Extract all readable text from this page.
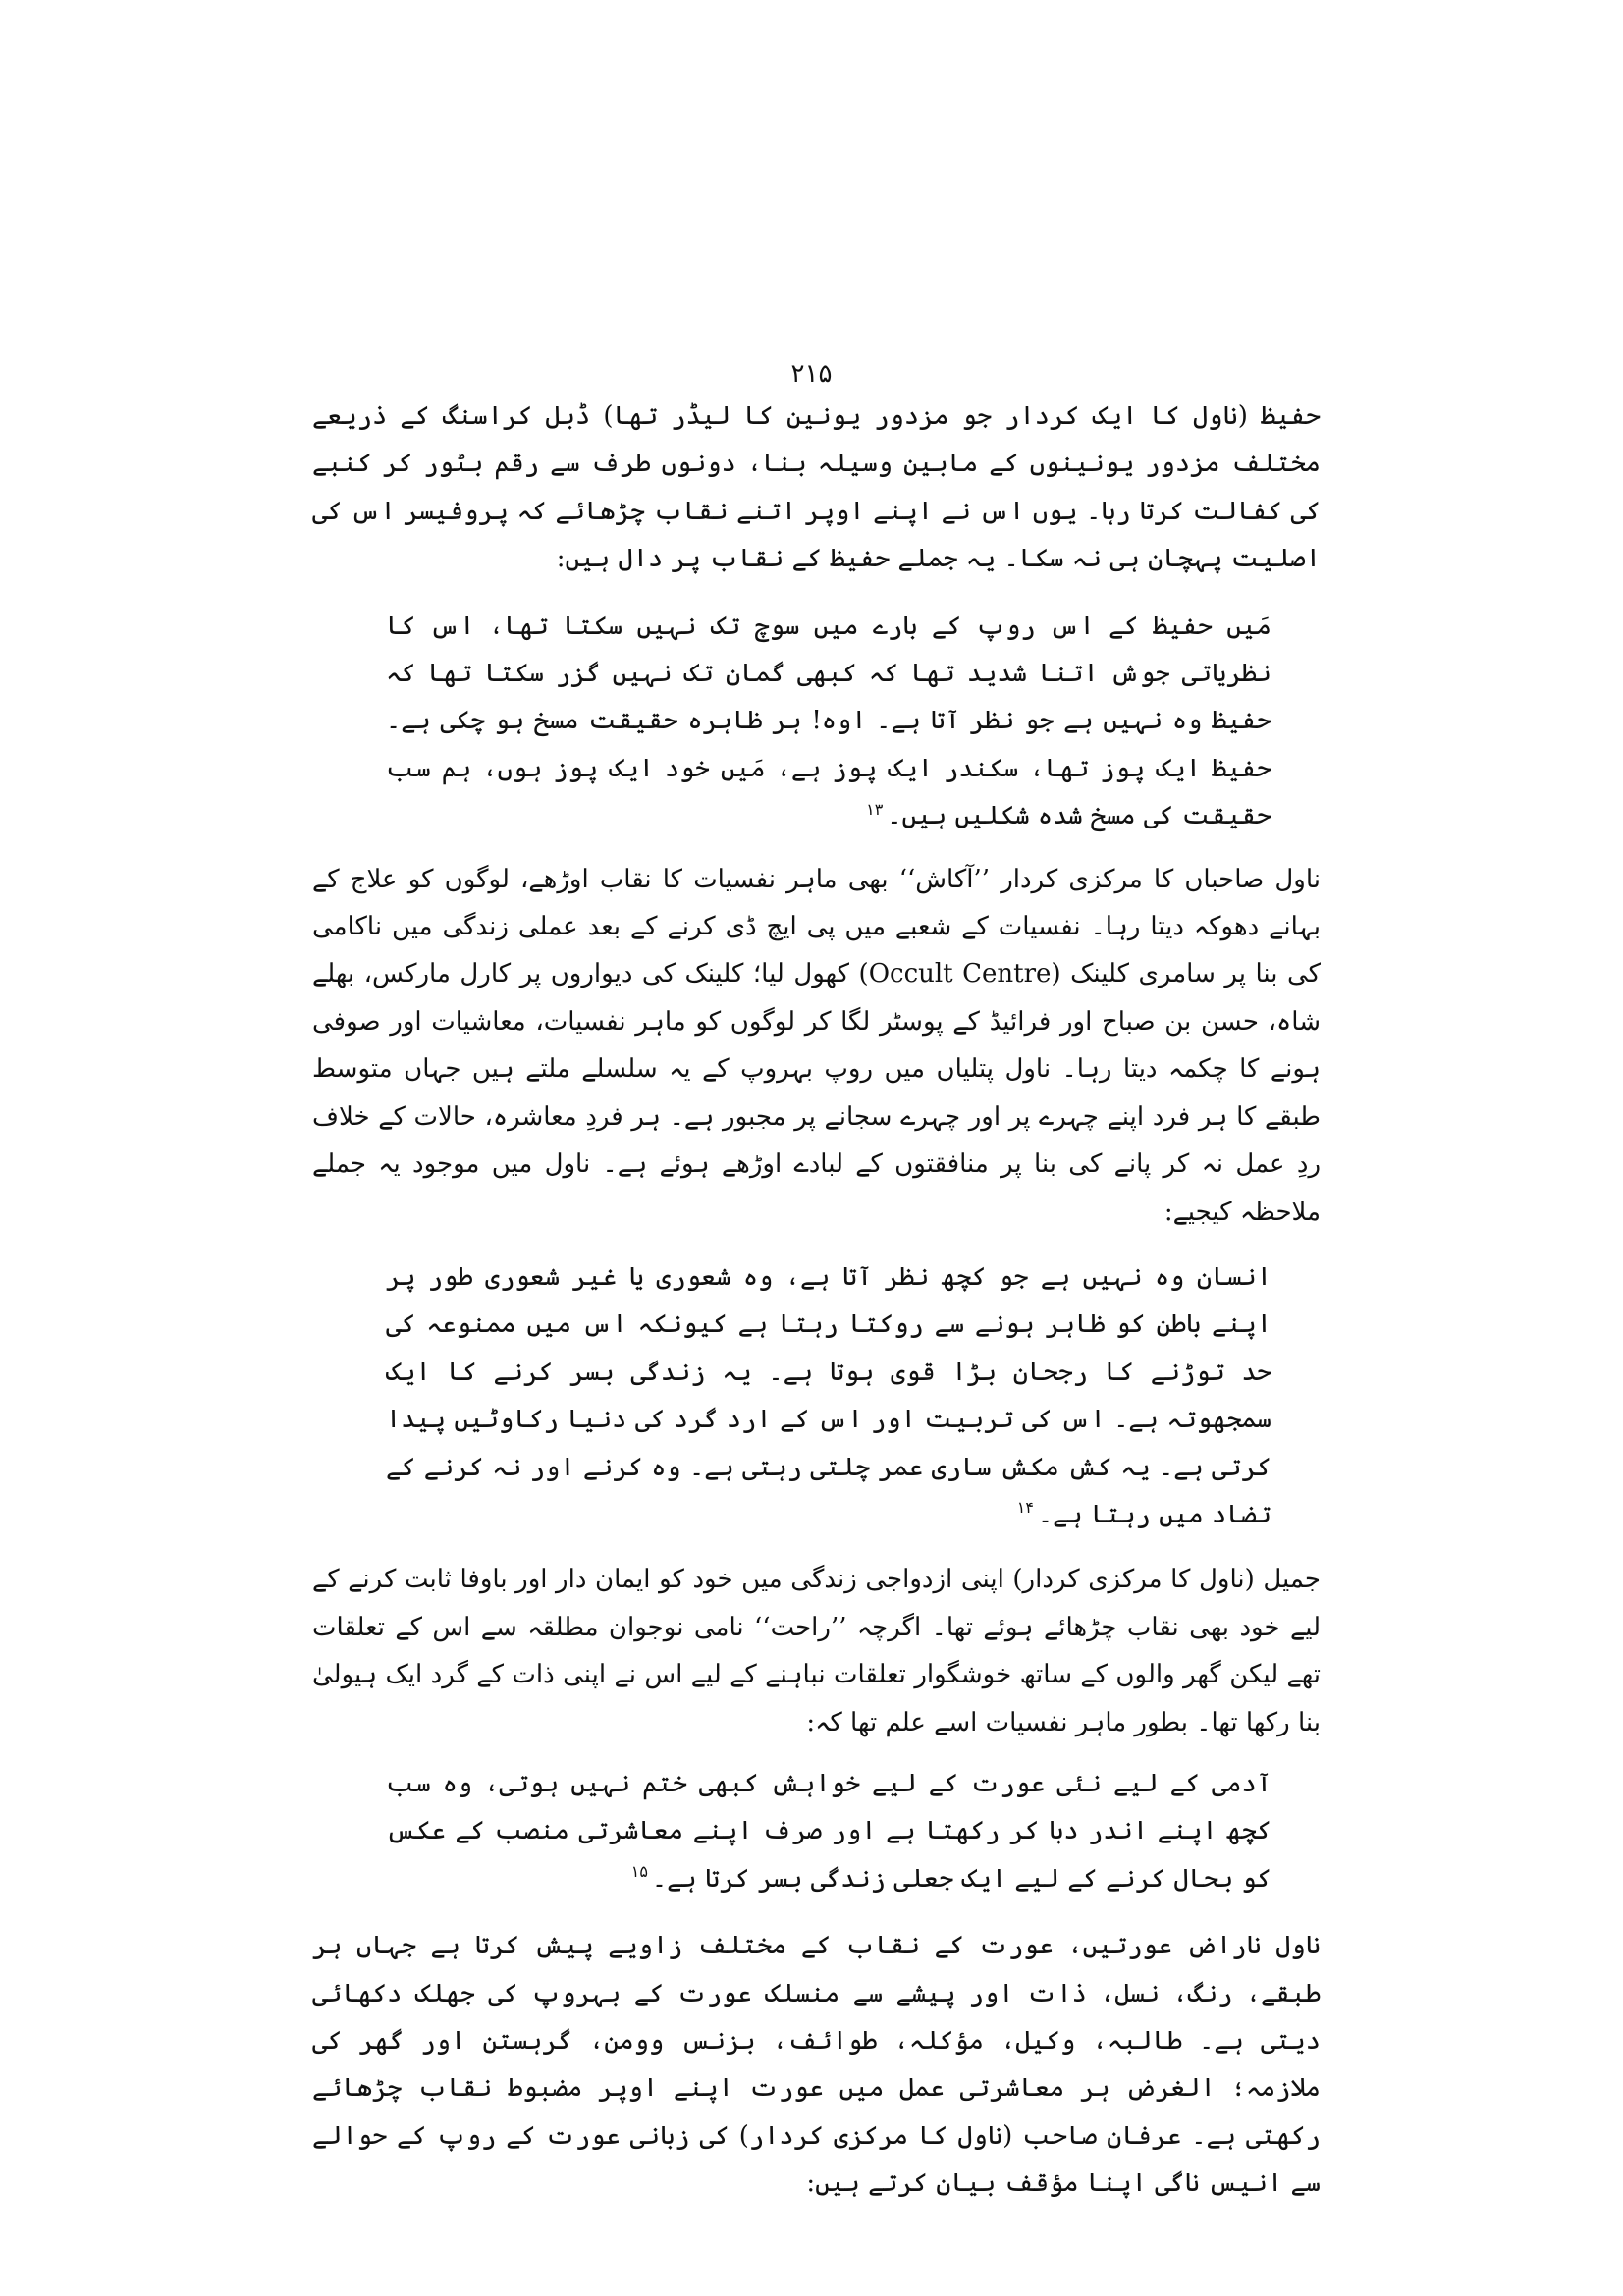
۲۱۵

حفیظ (ناول کا ایک کردار جو مزدور یونین کا لیڈر تھا) ڈبل کراسنگ کے ذریعے مختلف مزدور یونینوں کے مابین وسیلہ بنا، دونوں طرف سے رقم بٹور کر کنبے کی کفالت کرتا رہا۔ یوں اس نے اپنے اوپر اتنے نقاب چڑھائے کہ پروفیسر اس کی اصلیت پہچان ہی نہ سکا۔ یہ جملے حفیظ کے نقاب پر دال ہیں:

مَیں حفیظ کے اس روپ کے بارے میں سوچ تک نہیں سکتا تھا، اس کا نظریاتی جوش اتنا شدید تھا کہ کبھی گمان تک نہیں گزر سکتا تھا کہ حفیظ وہ نہیں ہے جو نظر آتا ہے۔ اوہ! ہر ظاہرہ حقیقت مسخ ہو چکی ہے۔ حفیظ ایک پوز تھا، سکندر ایک پوز ہے، مَیں خود ایک پوز ہوں، ہم سب حقیقت کی مسخ شدہ شکلیں ہیں۔$^{۱۳}$

ناول صاحباں کا مرکزی کردار ’’آکاش‘‘ بھی ماہر نفسیات کا نقاب اوڑھے، لوگوں کو علاج کے بہانے دھوکہ دیتا رہا۔ نفسیات کے شعبے میں پی ایچ ڈی کرنے کے بعد عملی زندگی میں ناکامی کی بنا پر سامری کلینک (Occult Centre) کھول لیا؛ کلینک کی دیواروں پر کارل مارکس، بھلے شاہ، حسن بن صباح اور فرائیڈ کے پوسٹر لگا کر لوگوں کو ماہر نفسیات، معاشیات اور صوفی ہونے کا چکمہ دیتا رہا۔ ناول پتلیاں میں روپ بہروپ کے یہ سلسلے ملتے ہیں جہاں متوسط طبقے کا ہر فرد اپنے چہرے پر اور چہرے سجانے پر مجبور ہے۔ ہر فردِ معاشرہ، حالات کے خلاف ردِ عمل نہ کر پانے کی بنا پر منافقتوں کے لبادے اوڑھے ہوئے ہے۔ ناول میں موجود یہ جملے ملاحظہ کیجیے:

انسان وہ نہیں ہے جو کچھ نظر آتا ہے، وہ شعوری یا غیر شعوری طور پر اپنے باطن کو ظاہر ہونے سے روکتا رہتا ہے کیونکہ اس میں ممنوعہ کی حد توڑنے کا رجحان بڑا قوی ہوتا ہے۔ یہ زندگی بسر کرنے کا ایک سمجھوتہ ہے۔ اس کی تربیت اور اس کے ارد گرد کی دنیا رکاوٹیں پیدا کرتی ہے۔ یہ کش مکش ساری عمر چلتی رہتی ہے۔ وہ کرنے اور نہ کرنے کے تضاد میں رہتا ہے۔$^{۱۴}$

جمیل (ناول کا مرکزی کردار) اپنی ازدواجی زندگی میں خود کو ایمان دار اور باوفا ثابت کرنے کے لیے خود بھی نقاب چڑھائے ہوئے تھا۔ اگرچہ ’’راحت‘‘ نامی نوجوان مطلقہ سے اس کے تعلقات تھے لیکن گھر والوں کے ساتھ خوشگوار تعلقات نباہنے کے لیے اس نے اپنی ذات کے گرد ایک ہیولیٰ بنا رکھا تھا۔ بطور ماہر نفسیات اسے علم تھا کہ:

آدمی کے لیے نئی عورت کے لیے خواہش کبھی ختم نہیں ہوتی، وہ سب کچھ اپنے اندر دبا کر رکھتا ہے اور صرف اپنے معاشرتی منصب کے عکس کو بحال کرنے کے لیے ایک جعلی زندگی بسر کرتا ہے۔$^{۱۵}$

ناول ناراض عورتیں، عورت کے نقاب کے مختلف زاویے پیش کرتا ہے جہاں ہر طبقے، رنگ، نسل، ذات اور پیشے سے منسلک عورت کے بہروپ کی جھلک دکھائی دیتی ہے۔ طالبہ، وکیل، مؤکلہ، طوائف، بزنس وومن، گرہستن اور گھر کی ملازمہ؛ الغرض ہر معاشرتی عمل میں عورت اپنے اوپر مضبوط نقاب چڑھائے رکھتی ہے۔ عرفان صاحب (ناول کا مرکزی کردار) کی زبانی عورت کے روپ کے حوالے سے انیس ناگی اپنا مؤقف بیان کرتے ہیں:
